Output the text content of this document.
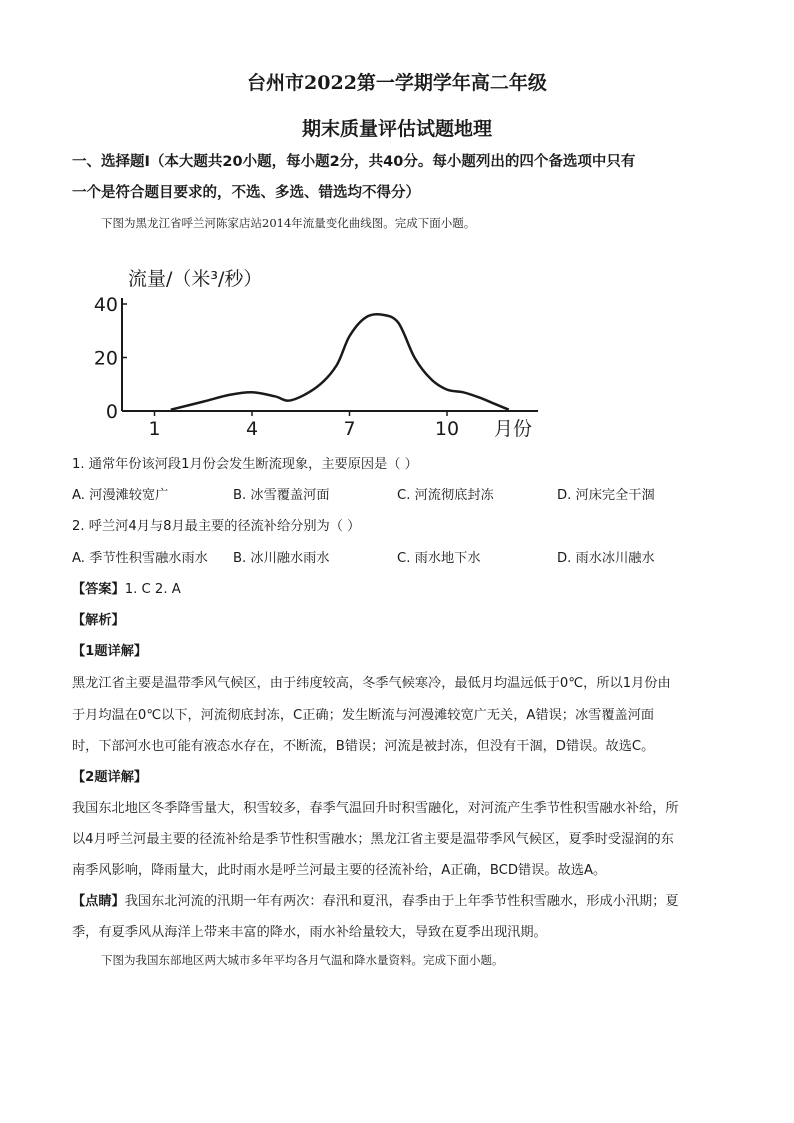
台州市2022第一学期学年高二年级
期末质量评估试题地理
一、选择题Ⅰ（本大题共20小题，每小题2分，共40分。每小题列出的四个备选项中只有
一个是符合题目要求的，不选、多选、错选均不得分）
下图为黑龙江省呼兰河陈家店站2014年流量变化曲线图。完成下面小题。
流量/（米³/秒）
0
20
40
1	4	7	10 月份
1. 通常年份该河段1月份会发生断流现象，主要原因是（ ）
A. 河漫滩较宽广	B. 冰雪覆盖河面	C. 河流彻底封冻	D. 河床完全干涸
2. 呼兰河4月与8月最主要的径流补给分别为（ ）
A. 季节性积雪融水雨水 B. 冰川融水雨水	C. 雨水地下水	D. 雨水冰川融水
【答案】1. C 2. A
【解析】
【1题详解】
黑龙江省主要是温带季风气候区，由于纬度较高，冬季气候寒冷，最低月均温远低于0℃，所以1月份由
于月均温在0℃以下，河流彻底封冻，C正确；发生断流与河漫滩较宽广无关，A错误；冰雪覆盖河面
时，下部河水也可能有液态水存在，不断流，B错误；河流是被封冻，但没有干涸，D错误。故选C。
【2题详解】
我国东北地区冬季降雪量大，积雪较多，春季气温回升时积雪融化，对河流产生季节性积雪融水补给，所
以4月呼兰河最主要的径流补给是季节性积雪融水；黑龙江省主要是温带季风气候区，夏季时受湿润的东
南季风影响，降雨量大，此时雨水是呼兰河最主要的径流补给，A正确，BCD错误。故选A。
【点睛】我国东北河流的汛期一年有两次：春汛和夏汛，春季由于上年季节性积雪融水，形成小汛期；夏
季，有夏季风从海洋上带来丰富的降水，雨水补给量较大，导致在夏季出现汛期。
下图为我国东部地区两大城市多年平均各月气温和降水量资料。完成下面小题。
